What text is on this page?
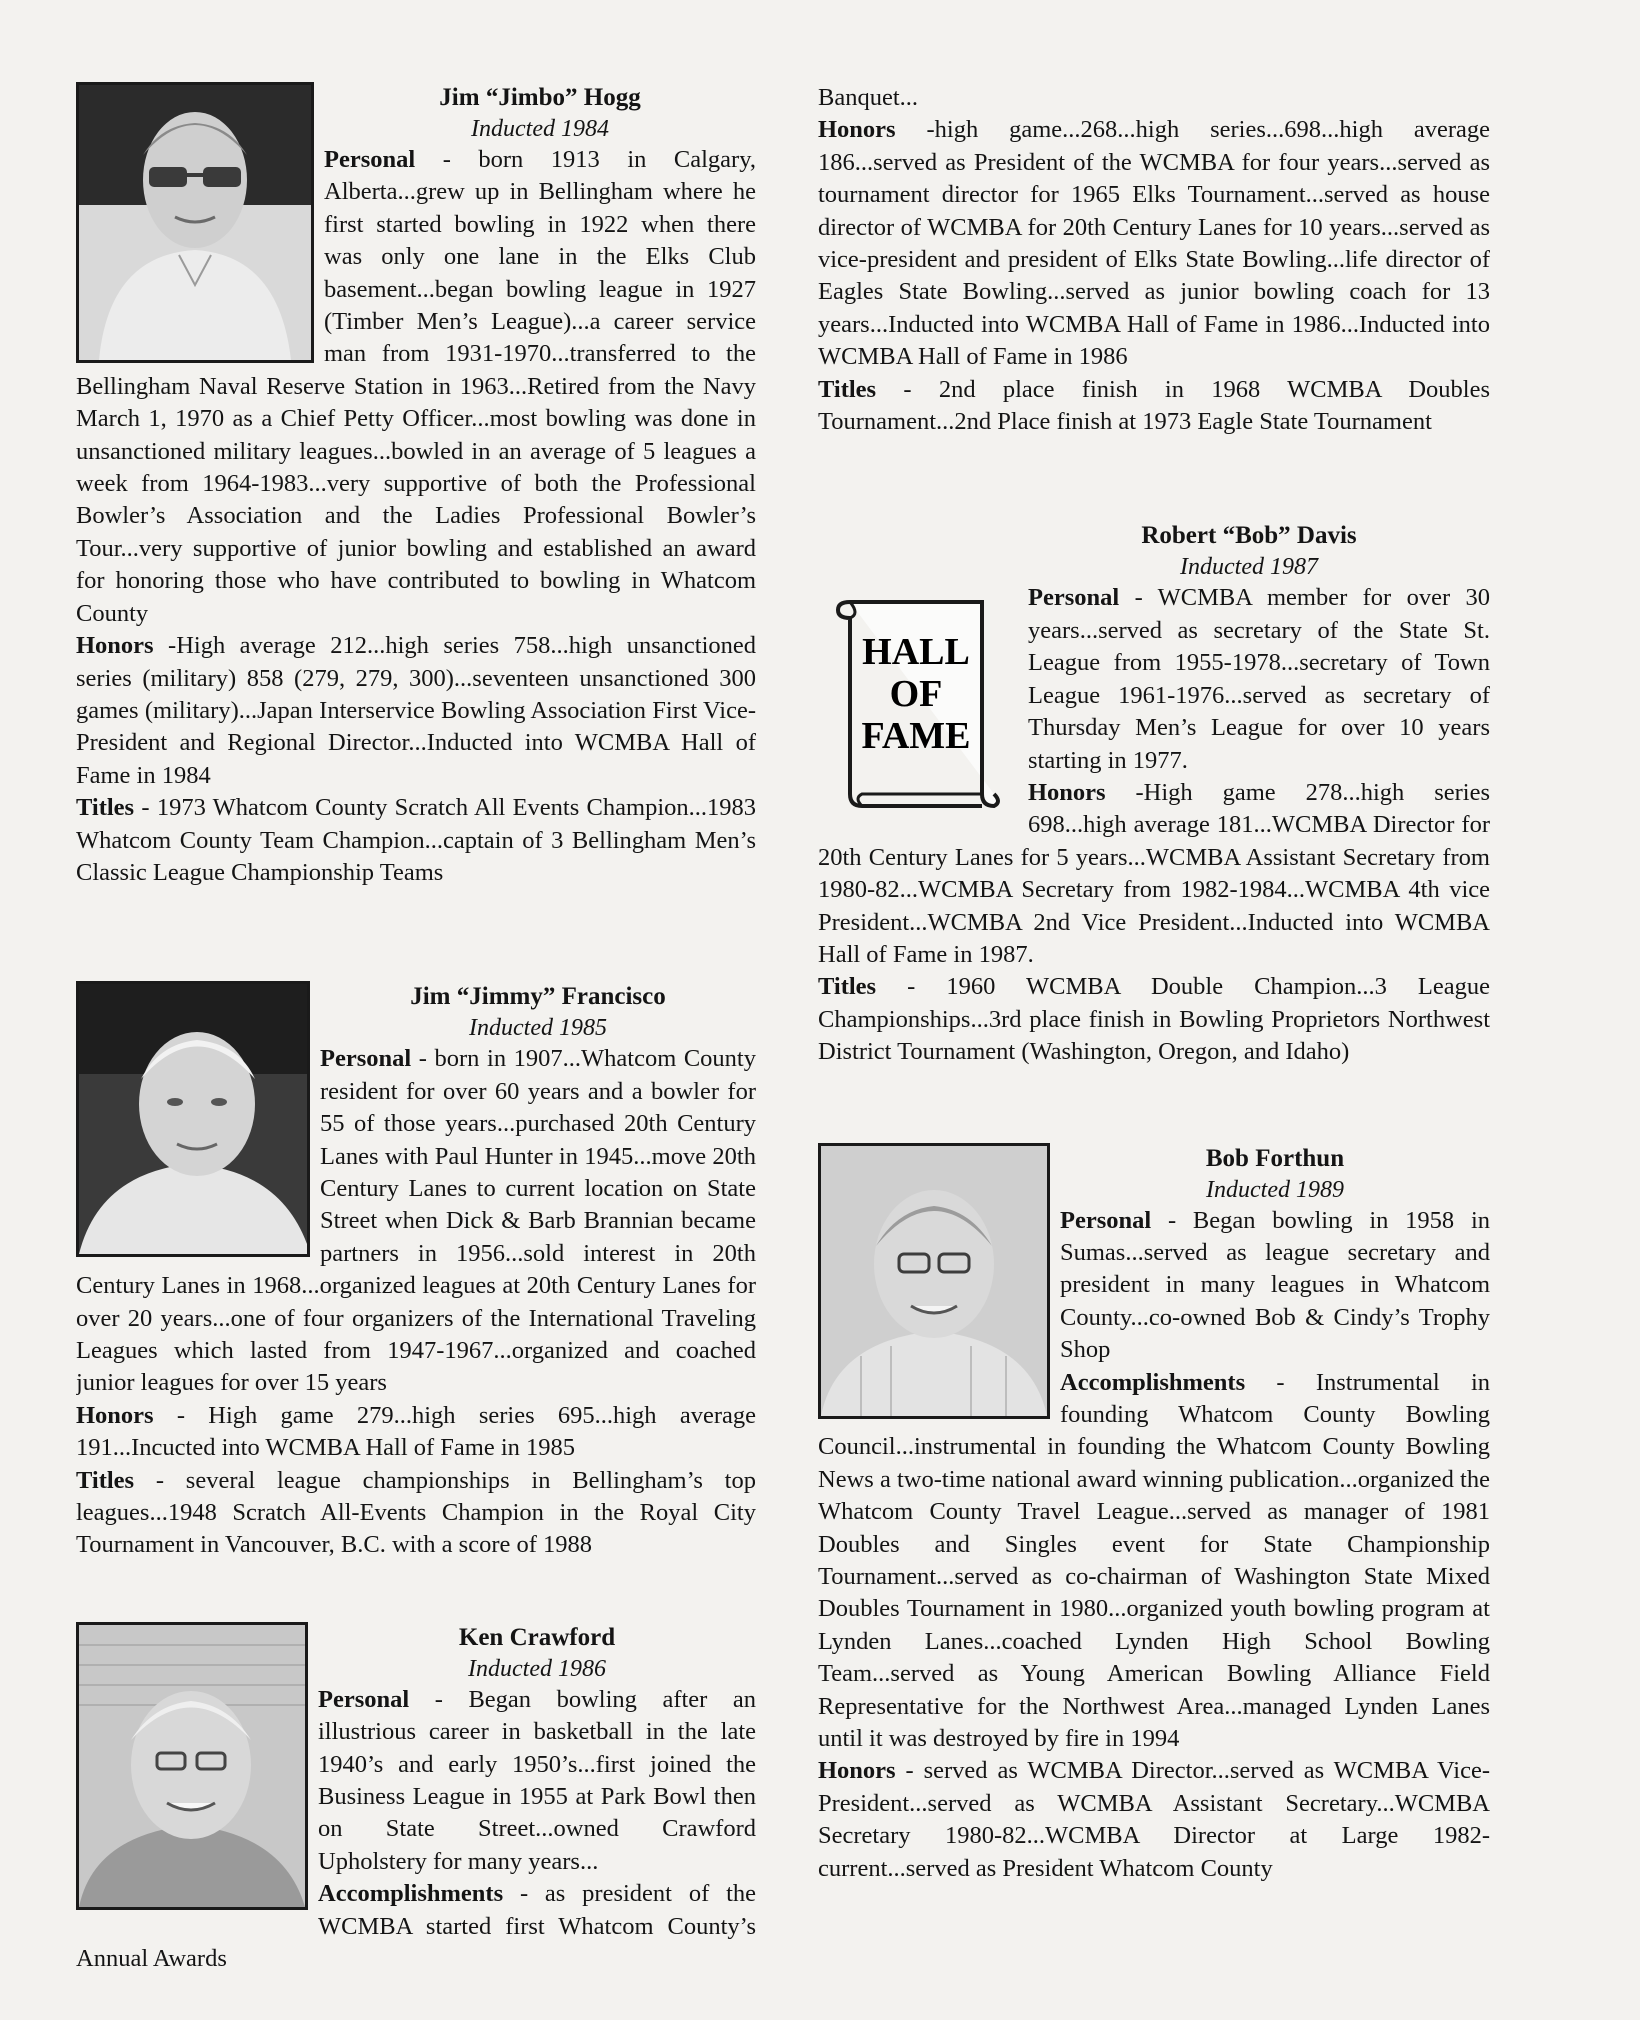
Jim “Jimbo” Hogg
Inducted 1984

Personal - born 1913 in Calgary, Alberta...grew up in Bellingham where he first started bowling in 1922 when there was only one lane in the Elks Club basement...began bowling league in 1927 (Timber Men’s League)...a career service man from 1931-1970...transferred to the Bellingham Naval Reserve Station in 1963...Retired from the Navy March 1, 1970 as a Chief Petty Officer...most bowling was done in unsanctioned military leagues...bowled in an average of 5 leagues a week from 1964-1983...very supportive of both the Professional Bowler’s Association and the Ladies Professional Bowler’s Tour...very supportive of junior bowling and established an award for honoring those who have contributed to bowling in Whatcom County

Honors -High average 212...high series 758...high unsanctioned series (military) 858 (279, 279, 300)...seventeen unsanctioned 300 games (military)...Japan Interservice Bowling Association First Vice-President and Regional Director...Inducted into WCMBA Hall of Fame in 1984

Titles - 1973 Whatcom County Scratch All Events Champion...1983 Whatcom County Team Champion...captain of 3 Bellingham Men’s Classic League Championship Teams

Jim “Jimmy” Francisco
Inducted 1985

Personal - born in 1907...Whatcom County resident for over 60 years and a bowler for 55 of those years...purchased 20th Century Lanes with Paul Hunter in 1945...move 20th Century Lanes to current location on State Street when Dick & Barb Brannian became partners in 1956...sold interest in 20th Century Lanes in 1968...organized leagues at 20th Century Lanes for over 20 years...one of four organizers of the International Traveling Leagues which lasted from 1947-1967...organized and coached junior leagues for over 15 years

Honors - High game 279...high series 695...high average 191...Incucted into WCMBA Hall of Fame in 1985

Titles - several league championships in Bellingham’s top leagues...1948 Scratch All-Events Champion in the Royal City Tournament in Vancouver, B.C. with a score of 1988

Ken Crawford
Inducted 1986

Personal - Began bowling after an illustrious career in basketball in the late 1940’s and early 1950’s...first joined the Business League in 1955 at Park Bowl then on State Street...owned Crawford Upholstery for many years...

Accomplishments - as president of the WCMBA started first Whatcom County’s Annual Awards

Banquet...

Honors -high game...268...high series...698...high average 186...served as President of the WCMBA for four years...served as tournament director for 1965 Elks Tournament...served as house director of WCMBA for 20th Century Lanes for 10 years...served as vice-president and president of Elks State Bowling...life director of Eagles State Bowling...served as junior bowling coach for 13 years...Inducted into WCMBA Hall of Fame in 1986...Inducted into WCMBA Hall of Fame in 1986

Titles - 2nd place finish in 1968 WCMBA Doubles Tournament...2nd Place finish at 1973 Eagle State Tournament

Robert “Bob” Davis
Inducted 1987
HALL
OF
FAME

Personal - WCMBA member for over 30 years...served as secretary of the State St. League from 1955-1978...secretary of Town League 1961-1976...served as secretary of Thursday Men’s League for over 10 years starting in 1977.

Honors -High game 278...high series 698...high average 181...WCMBA Director for 20th Century Lanes for 5 years...WCMBA Assistant Secretary from 1980-82...WCMBA Secretary from 1982-1984...WCMBA 4th vice President...WCMBA 2nd Vice President...Inducted into WCMBA Hall of Fame in 1987.

Titles - 1960 WCMBA Double Champion...3 League Championships...3rd place finish in Bowling Proprietors Northwest District Tournament (Washington, Oregon, and Idaho)

Bob Forthun
Inducted 1989

Personal - Began bowling in 1958 in Sumas...served as league secretary and president in many leagues in Whatcom County...co-owned Bob & Cindy’s Trophy Shop

Accomplishments - Instrumental in founding Whatcom County Bowling Council...instrumental in founding the Whatcom County Bowling News a two-time national award winning publication...organized the Whatcom County Travel League...served as manager of 1981 Doubles and Singles event for State Championship Tournament...served as co-chairman of Washington State Mixed Doubles Tournament in 1980...organized youth bowling program at Lynden Lanes...coached Lynden High School Bowling Team...served as Young American Bowling Alliance Field Representative for the Northwest Area...managed Lynden Lanes until it was destroyed by fire in 1994

Honors - served as WCMBA Director...served as WCMBA Vice-President...served as WCMBA Assistant Secretary...WCMBA Secretary 1980-82...WCMBA Director at Large 1982-current...served as President Whatcom County
